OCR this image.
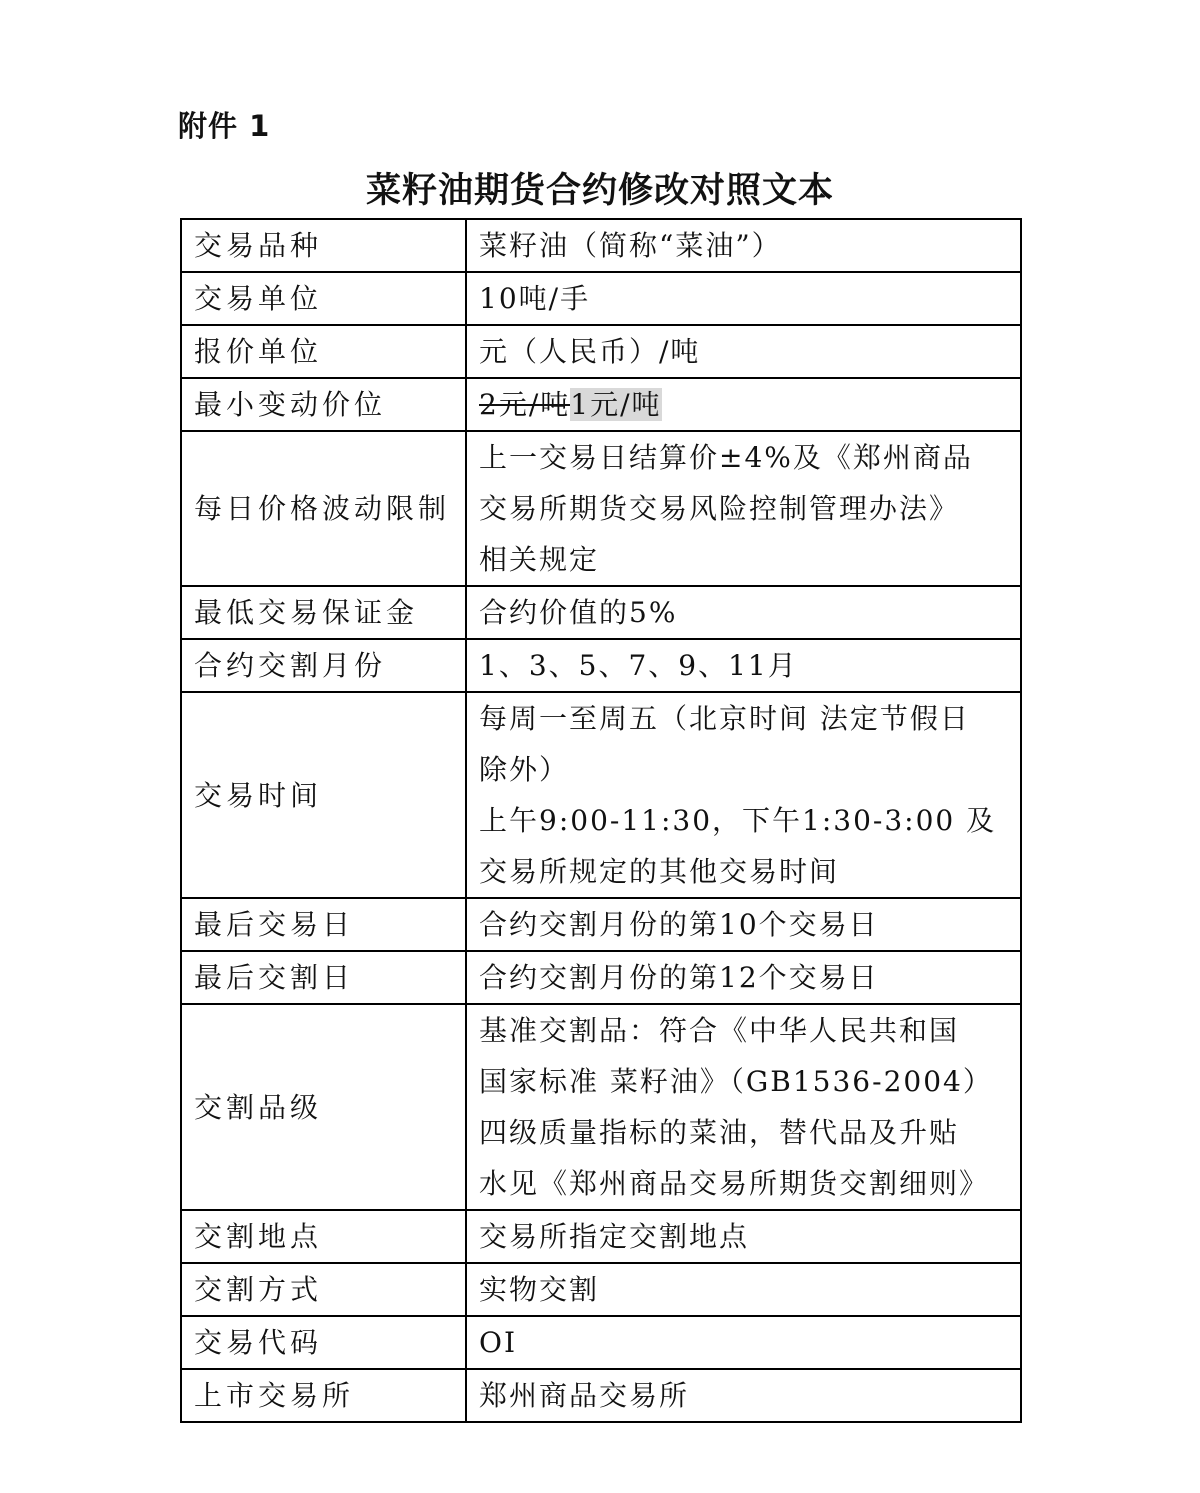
附件 1
菜籽油期货合约修改对照文本
交易品种	菜籽油（简称“菜油”）

交易单位	10吨/手

报价单位	元（人民币）/吨

最小变动价位	2元/吨1元/吨

每日价格波动限制	上一交易日结算价±4%及《郑州商品
交易所期货交易风险控制管理办法》
相关规定

最低交易保证金	合约价值的5%

合约交割月份	1、3、5、7、9、11月

交易时间	每周一至周五（北京时间 法定节假日
除外）
上午9:00-11:30，下午1:30-3:00 及
交易所规定的其他交易时间

最后交易日	合约交割月份的第10个交易日

最后交割日	合约交割月份的第12个交易日

交割品级	基准交割品：符合《中华人民共和国
国家标准 菜籽油》（GB1536-2004）
四级质量指标的菜油，替代品及升贴
水见《郑州商品交易所期货交割细则》

交割地点	交易所指定交割地点

交割方式	实物交割

交易代码	OI

上市交易所	郑州商品交易所
